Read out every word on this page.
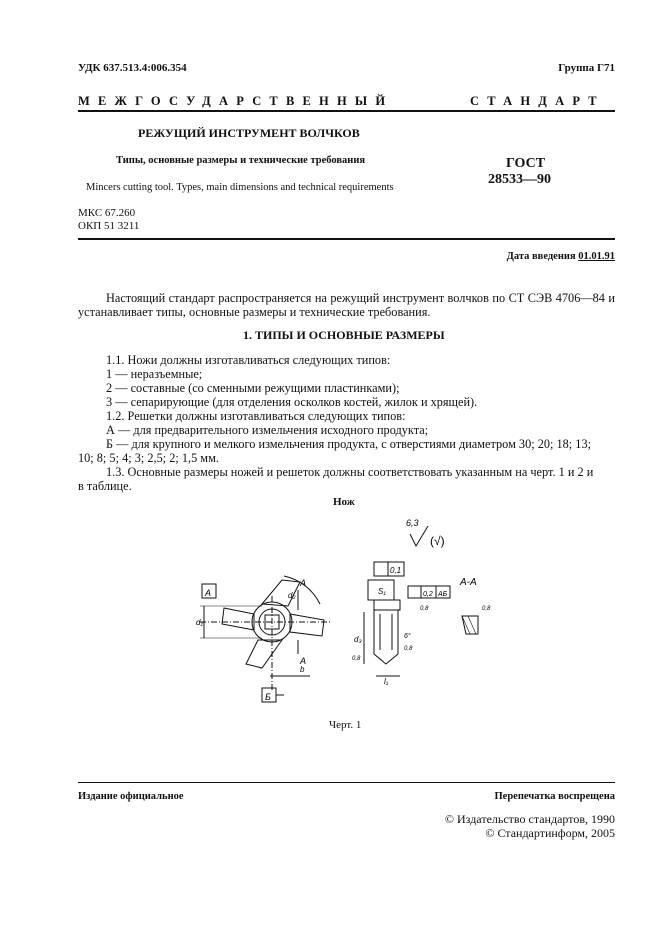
УДК 637.513.4:006.354	Группа Г71
МЕЖГОСУДАРСТВЕННЫЙ	СТАНДАРТ
РЕЖУЩИЙ ИНСТРУМЕНТ ВОЛЧКОВ
Типы, основные размеры и технические требования
Mincers cutting tool. Types, main dimensions and technical requirements
ГОСТ
28533—90
МКС 67.260
ОКП 51 3211
Дата введения 01.01.91
Настоящий стандарт распространяется на режущий инструмент волчков по СТ СЭВ 4706—84 и устанавливает типы, основные размеры и технические требования.
1. ТИПЫ И ОСНОВНЫЕ РАЗМЕРЫ
1.1. Ножи должны изготавливаться следующих типов:
1 — неразъемные;
2 — составные (со сменными режущими пластинками);
3 — сепарирующие (для отделения осколков костей, жилок и хрящей).
1.2. Решетки должны изготавливаться следующих типов:
А — для предварительного измельчения исходного продукта;
Б — для крупного и мелкого измельчения продукта, с отверстиями диаметром 30; 20; 18; 13;
10; 8; 5; 4; 3; 2,5; 2; 1,5 мм.
1.3. Основные размеры ножей и решеток должны соответствовать указанным на черт. 1 и 2 и
в таблице.
Нож
А
Б
d₁
d₂
А
А
b
6,3
(√)
0,1
S₁	0,2 АБ
А-А
d₃
l₁
0,8	0,8
0,8
0,8
6°
Черт. 1
Издание официальное	Перепечатка воспрещена
© Издательство стандартов, 1990
© Стандартинформ, 2005
